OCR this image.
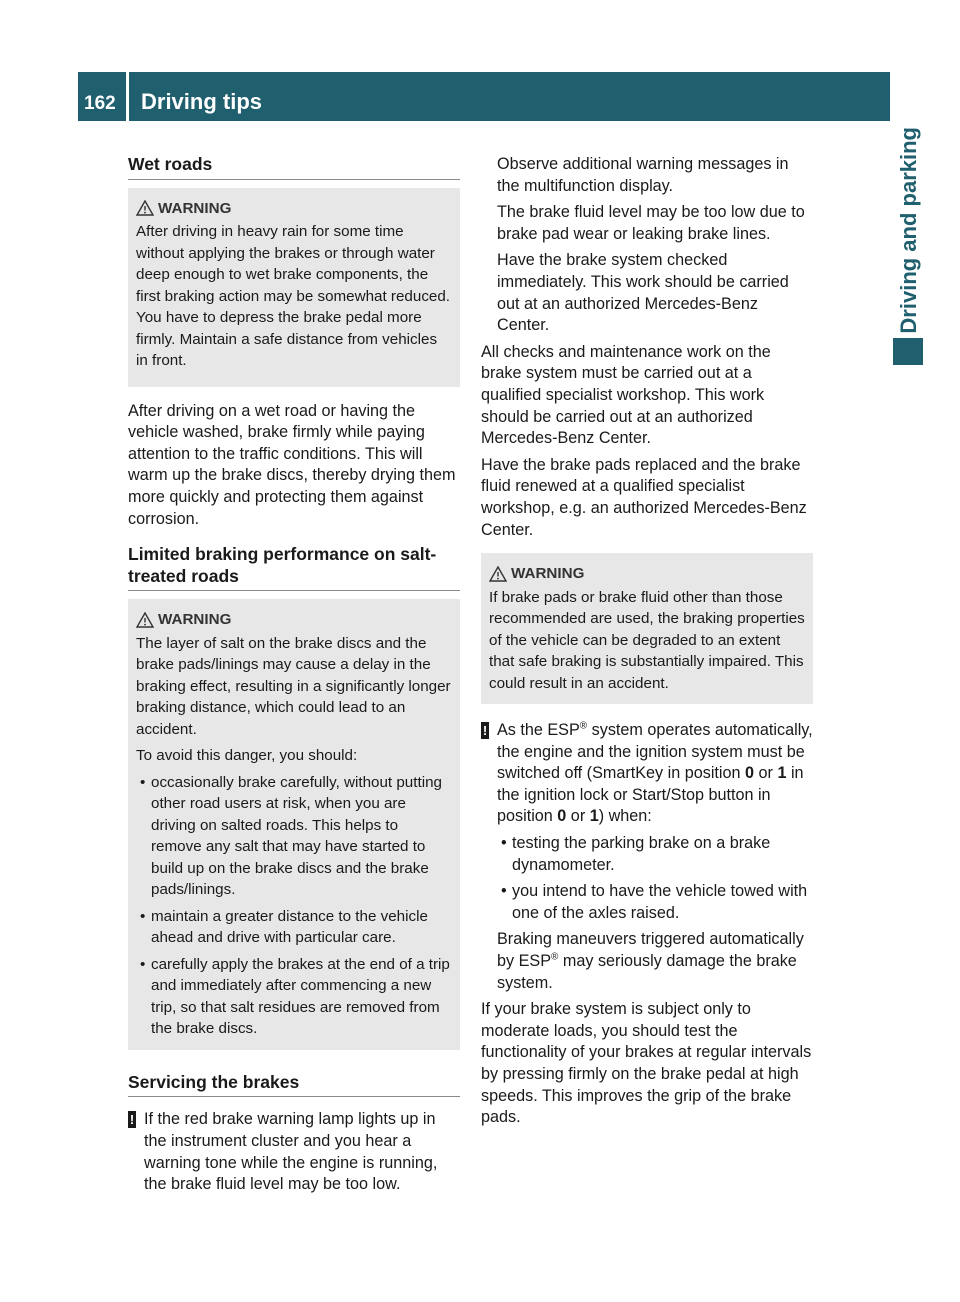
162 Driving tips
Driving and parking
Wet roads
WARNING

After driving in heavy rain for some time without applying the brakes or through water deep enough to wet brake components, the first braking action may be somewhat reduced. You have to depress the brake pedal more firmly. Maintain a safe distance from vehicles in front.

After driving on a wet road or having the vehicle washed, brake firmly while paying attention to the traffic conditions. This will warm up the brake discs, thereby drying them more quickly and protecting them against corrosion.

Limited braking performance on salt-treated roads
WARNING

The layer of salt on the brake discs and the brake pads/linings may cause a delay in the braking effect, resulting in a significantly longer braking distance, which could lead to an accident.

To avoid this danger, you should:

• occasionally brake carefully, without putting other road users at risk, when you are driving on salted roads. This helps to remove any salt that may have started to build up on the brake discs and the brake pads/linings.
• maintain a greater distance to the vehicle ahead and drive with particular care.
• carefully apply the brakes at the end of a trip and immediately after commencing a new trip, so that salt residues are removed from the brake discs.
Servicing the brakes
! If the red brake warning lamp lights up in the instrument cluster and you hear a warning tone while the engine is running, the brake fluid level may be too low.

Observe additional warning messages in the multifunction display.

The brake fluid level may be too low due to brake pad wear or leaking brake lines.

Have the brake system checked immediately. This work should be carried out at an authorized Mercedes-Benz Center.

All checks and maintenance work on the brake system must be carried out at a qualified specialist workshop. This work should be carried out at an authorized Mercedes-Benz Center.

Have the brake pads replaced and the brake fluid renewed at a qualified specialist workshop, e.g. an authorized Mercedes-Benz Center.

WARNING

If brake pads or brake fluid other than those recommended are used, the braking properties of the vehicle can be degraded to an extent that safe braking is substantially impaired. This could result in an accident.

! As the ESP® system operates automatically, the engine and the ignition system must be switched off (SmartKey in position 0 or 1 in the ignition lock or Start/Stop button in position 0 or 1) when:
• testing the parking brake on a brake dynamometer.
• you intend to have the vehicle towed with one of the axles raised.

Braking maneuvers triggered automatically by ESP® may seriously damage the brake system.

If your brake system is subject only to moderate loads, you should test the functionality of your brakes at regular intervals by pressing firmly on the brake pedal at high speeds. This improves the grip of the brake pads.
